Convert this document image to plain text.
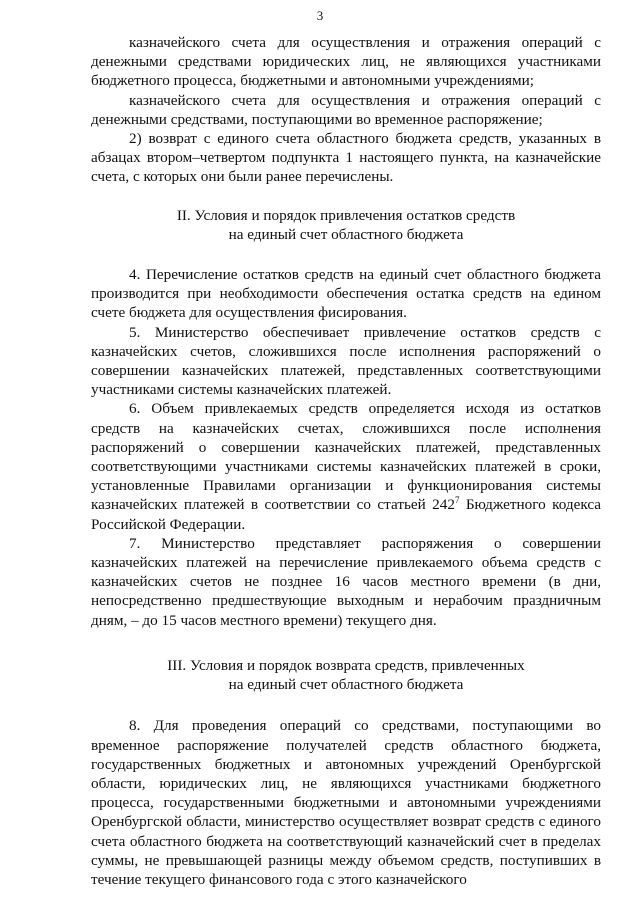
3

казначейского счета для осуществления и отражения операций с денежными средствами юридических лиц, не являющихся участниками бюджетного процесса, бюджетными и автономными учреждениями;

казначейского счета для осуществления и отражения операций с денежными средствами, поступающими во временное распоряжение;

2) возврат с единого счета областного бюджета средств, указанных в абзацах втором–четвертом подпункта 1 настоящего пункта, на казначейские счета, с которых они были ранее перечислены.

II. Условия и порядок привлечения остатков средств
на единый счет областного бюджета

4. Перечисление остатков средств на единый счет областного бюджета производится при необходимости обеспечения остатка средств на едином счете бюджета для осуществления фисирования.

5. Министерство обеспечивает привлечение остатков средств с казначейских счетов, сложившихся после исполнения распоряжений о совершении казначейских платежей, представленных соответствующими участниками системы казначейских платежей.

6. Объем привлекаемых средств определяется исходя из остатков средств на казначейских счетах, сложившихся после исполнения распоряжений о совершении казначейских платежей, представленных соответствующими участниками системы казначейских платежей в сроки, установленные Правилами организации и функционирования системы казначейских платежей в соответствии со статьей $242^7$ Бюджетного кодекса Российской Федерации.

7. Министерство представляет распоряжения о совершении казначейских платежей на перечисление привлекаемого объема средств с казначейских счетов не позднее 16 часов местного времени (в дни, непосредственно предшествующие выходным и нерабочим праздничным дням, – до 15 часов местного времени) текущего дня.

III. Условия и порядок возврата средств, привлеченных
на единый счет областного бюджета

8. Для проведения операций со средствами, поступающими во временное распоряжение получателей средств областного бюджета, государственных бюджетных и автономных учреждений Оренбургской области, юридических лиц, не являющихся участниками бюджетного процесса, государственными бюджетными и автономными учреждениями Оренбургской области, министерство осуществляет возврат средств с единого счета областного бюджета на соответствующий казначейский счет в пределах суммы, не превышающей разницы между объемом средств, поступивших в течение текущего финансового года с этого казначейского
